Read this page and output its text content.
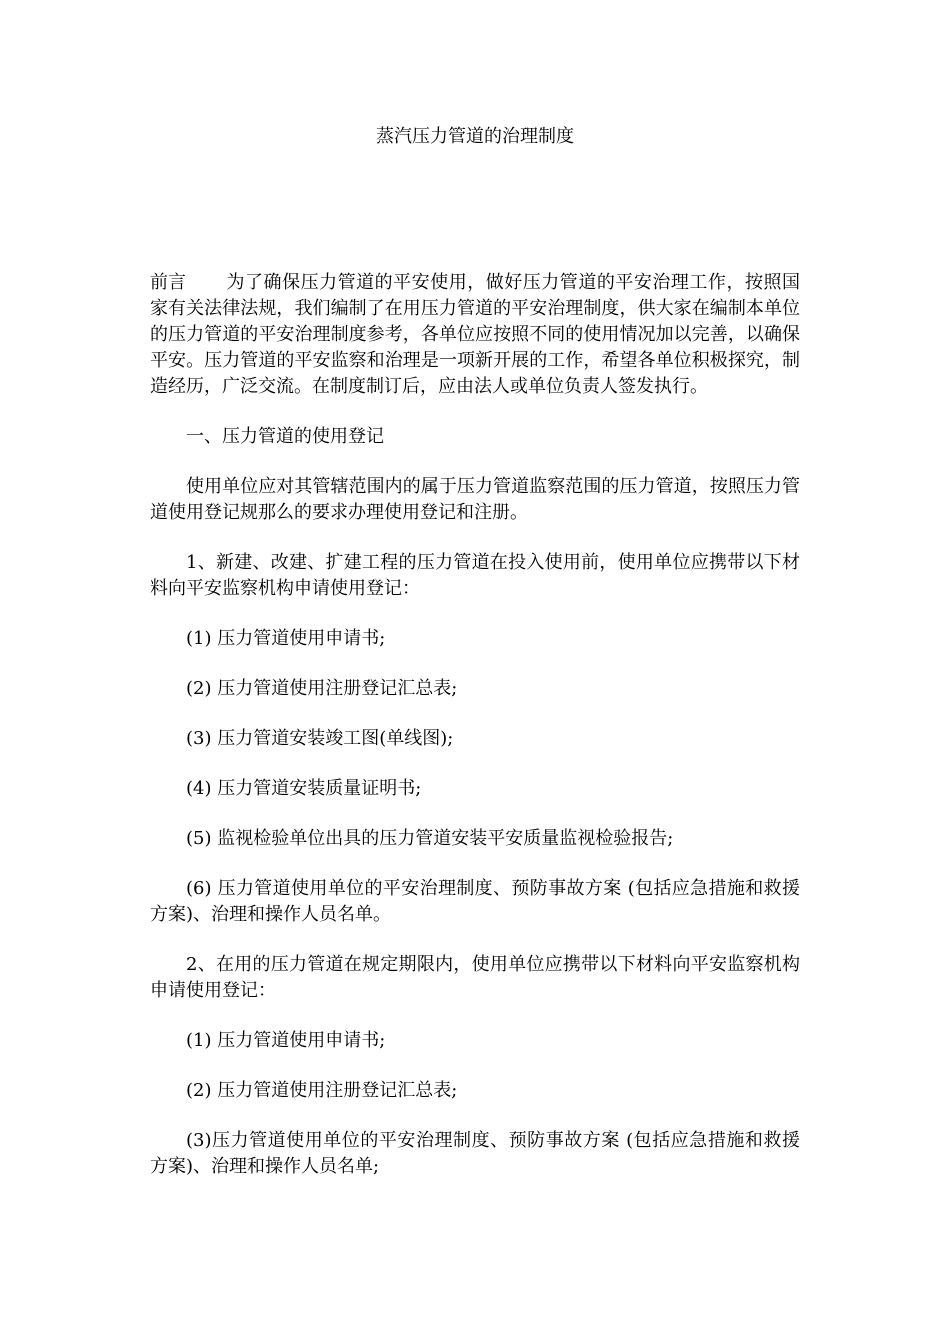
蒸汽压力管道的治理制度

前言 为了确保压力管道的平安使用，做好压力管道的平安治理工作，按照国家有关法律法规，我们编制了在用压力管道的平安治理制度，供大家在编制本单位的压力管道的平安治理制度参考，各单位应按照不同的使用情况加以完善，以确保平安。压力管道的平安监察和治理是一项新开展的工作，希望各单位积极探究，制造经历，广泛交流。在制度制订后，应由法人或单位负责人签发执行。

一、压力管道的使用登记

使用单位应对其管辖范围内的属于压力管道监察范围的压力管道，按照压力管道使用登记规那么的要求办理使用登记和注册。

1、新建、改建、扩建工程的压力管道在投入使用前，使用单位应携带以下材料向平安监察机构申请使用登记：

(1) 压力管道使用申请书;

(2) 压力管道使用注册登记汇总表;

(3) 压力管道安装竣工图(单线图);

(4) 压力管道安装质量证明书;

(5) 监视检验单位出具的压力管道安装平安质量监视检验报告;

(6) 压力管道使用单位的平安治理制度、预防事故方案 (包括应急措施和救援方案)、治理和操作人员名单。

2、在用的压力管道在规定期限内，使用单位应携带以下材料向平安监察机构申请使用登记：

(1) 压力管道使用申请书;

(2) 压力管道使用注册登记汇总表;

(3)压力管道使用单位的平安治理制度、预防事故方案 (包括应急措施和救援方案)、治理和操作人员名单;
